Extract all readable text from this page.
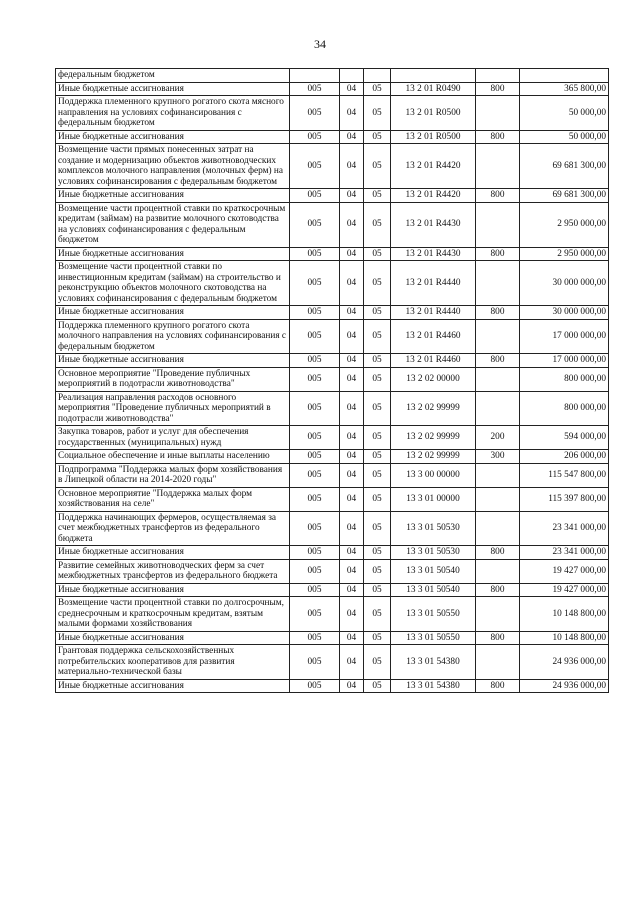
34
федеральным бюджетом						
Иные бюджетные ассигнования	005	04	05	13 2 01 R0490	800	365 800,00
Поддержка племенного крупного рогатого скота мясного направления на условиях софинансирования с федеральным бюджетом	005	04	05	13 2 01 R0500		50 000,00
Иные бюджетные ассигнования	005	04	05	13 2 01 R0500	800	50 000,00
Возмещение части прямых понесенных затрат на создание и модернизацию объектов животноводческих комплексов молочного направления (молочных ферм) на условиях софинансирования с федеральным бюджетом	005	04	05	13 2 01 R4420		69 681 300,00
Иные бюджетные ассигнования	005	04	05	13 2 01 R4420	800	69 681 300,00
Возмещение части процентной ставки по краткосрочным кредитам (займам) на развитие молочного скотоводства на условиях софинансирования с федеральным бюджетом	005	04	05	13 2 01 R4430		2 950 000,00
Иные бюджетные ассигнования	005	04	05	13 2 01 R4430	800	2 950 000,00
Возмещение части процентной ставки по инвестиционным кредитам (займам) на строительство и реконструкцию объектов молочного скотоводства на условиях софинансирования с федеральным бюджетом	005	04	05	13 2 01 R4440		30 000 000,00
Иные бюджетные ассигнования	005	04	05	13 2 01 R4440	800	30 000 000,00
Поддержка племенного крупного рогатого скота молочного направления на условиях софинансирования с федеральным бюджетом	005	04	05	13 2 01 R4460		17 000 000,00
Иные бюджетные ассигнования	005	04	05	13 2 01 R4460	800	17 000 000,00
Основное мероприятие "Проведение публичных мероприятий в подотрасли животноводства"	005	04	05	13 2 02 00000		800 000,00
Реализация направления расходов основного мероприятия "Проведение публичных мероприятий в подотрасли животноводства"	005	04	05	13 2 02 99999		800 000,00
Закупка товаров, работ и услуг для обеспечения государственных (муниципальных) нужд	005	04	05	13 2 02 99999	200	594 000,00
Социальное обеспечение и иные выплаты населению	005	04	05	13 2 02 99999	300	206 000,00
Подпрограмма "Поддержка малых форм хозяйствования в Липецкой области на 2014-2020 годы"	005	04	05	13 3 00 00000		115 547 800,00
Основное мероприятие "Поддержка малых форм хозяйствования на селе"	005	04	05	13 3 01 00000		115 397 800,00
Поддержка начинающих фермеров, осуществляемая за счет межбюджетных трансфертов из федерального бюджета	005	04	05	13 3 01 50530		23 341 000,00
Иные бюджетные ассигнования	005	04	05	13 3 01 50530	800	23 341 000,00
Развитие семейных животноводческих ферм за счет межбюджетных трансфертов из федерального бюджета	005	04	05	13 3 01 50540		19 427 000,00
Иные бюджетные ассигнования	005	04	05	13 3 01 50540	800	19 427 000,00
Возмещение части процентной ставки по долгосрочным, среднесрочным и краткосрочным кредитам, взятым малыми формами хозяйствования	005	04	05	13 3 01 50550		10 148 800,00
Иные бюджетные ассигнования	005	04	05	13 3 01 50550	800	10 148 800,00
Грантовая поддержка сельскохозяйственных потребительских кооперативов для развития материально-технической базы	005	04	05	13 3 01 54380		24 936 000,00
Иные бюджетные ассигнования	005	04	05	13 3 01 54380	800	24 936 000,00
